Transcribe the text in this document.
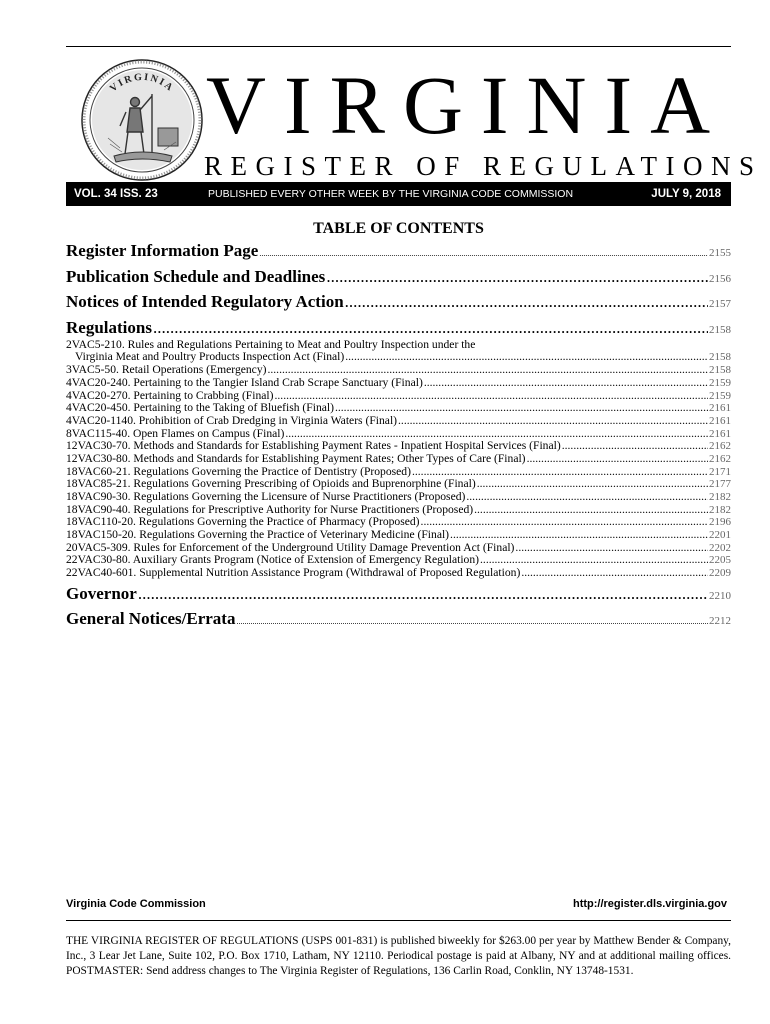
VIRGINIA VIRGINIA
REGISTER OF REGULATIONS
VOL. 34 ISS. 23	PUBLISHED EVERY OTHER WEEK BY THE VIRGINIA CODE COMMISSION	JULY 9, 2018
TABLE OF CONTENTS
Register Information Page .....	2155
Publication Schedule and Deadlines .....	2156
Notices of Intended Regulatory Action .....	2157
Regulations .....	2158
2VAC5-210. Rules and Regulations Pertaining to Meat and Poultry Inspection under the
Virginia Meat and Poultry Products Inspection Act (Final) .....	2158
3VAC5-50. Retail Operations (Emergency) .....	2158
4VAC20-240. Pertaining to the Tangier Island Crab Scrape Sanctuary (Final) .....	2159
4VAC20-270. Pertaining to Crabbing (Final) .....	2159
4VAC20-450. Pertaining to the Taking of Bluefish (Final) .....	2161
4VAC20-1140. Prohibition of Crab Dredging in Virginia Waters (Final) .....	2161
8VAC115-40. Open Flames on Campus (Final) .....	2161
12VAC30-70. Methods and Standards for Establishing Payment Rates - Inpatient Hospital Services (Final) .....	2162
12VAC30-80. Methods and Standards for Establishing Payment Rates; Other Types of Care (Final) .....	2162
18VAC60-21. Regulations Governing the Practice of Dentistry (Proposed) .....	2171
18VAC85-21. Regulations Governing Prescribing of Opioids and Buprenorphine (Final) .....	2177
18VAC90-30. Regulations Governing the Licensure of Nurse Practitioners (Proposed) .....	2182
18VAC90-40. Regulations for Prescriptive Authority for Nurse Practitioners (Proposed) .....	2182
18VAC110-20. Regulations Governing the Practice of Pharmacy (Proposed) .....	2196
18VAC150-20. Regulations Governing the Practice of Veterinary Medicine (Final) .....	2201
20VAC5-309. Rules for Enforcement of the Underground Utility Damage Prevention Act (Final) .....	2202
22VAC30-80. Auxiliary Grants Program (Notice of Extension of Emergency Regulation) .....	2205
22VAC40-601. Supplemental Nutrition Assistance Program (Withdrawal of Proposed Regulation) .....	2209
Governor .....	2210
General Notices/Errata .....	2212
Virginia Code Commission	http://register.dls.virginia.gov
THE VIRGINIA REGISTER OF REGULATIONS (USPS 001-831) is published biweekly for $263.00 per year by Matthew Bender & Company, Inc., 3 Lear Jet Lane, Suite 102, P.O. Box 1710, Latham, NY 12110. Periodical postage is paid at Albany, NY and at additional mailing offices. POSTMASTER: Send address changes to The Virginia Register of Regulations, 136 Carlin Road, Conklin, NY 13748-1531.
